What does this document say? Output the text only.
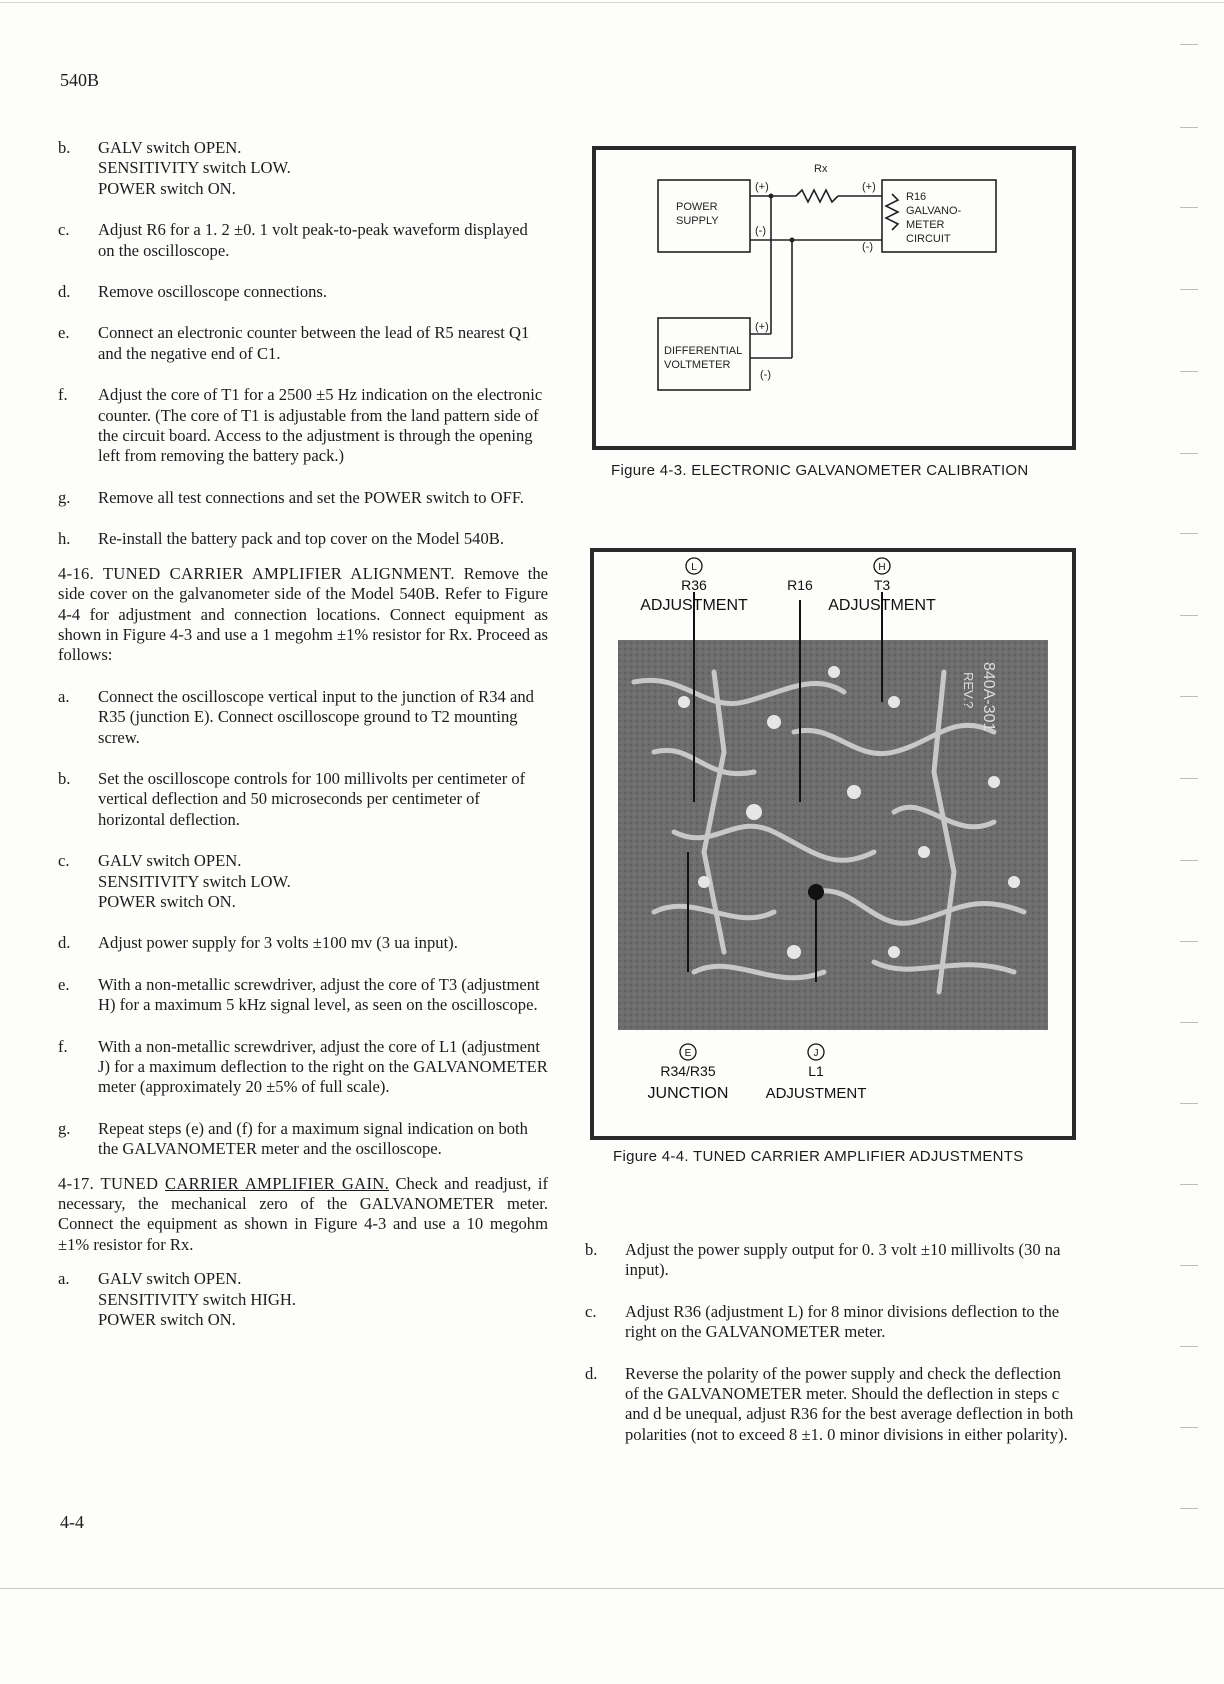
540B
b.	GALV switch OPEN.
SENSITIVITY switch LOW.
POWER switch ON.
c.	Adjust R6 for a 1. 2 ±0. 1 volt peak-to-peak waveform displayed on the oscilloscope.
d.	Remove oscilloscope connections.
e.	Connect an electronic counter between the lead of R5 nearest Q1 and the negative end of C1.
f.	Adjust the core of T1 for a 2500 ±5 Hz indication on the electronic counter. (The core of T1 is adjustable from the land pattern side of the circuit board. Access to the adjustment is through the opening left from removing the battery pack.)
g.	Remove all test connections and set the POWER switch to OFF.
h.	Re-install the battery pack and top cover on the Model 540B.
4-16. TUNED CARRIER AMPLIFIER ALIGNMENT. Remove the side cover on the galvanometer side of the Model 540B. Refer to Figure 4-4 for adjustment and connection locations. Connect equipment as shown in Figure 4-3 and use a 1 megohm ±1% resistor for Rx. Proceed as follows:
a.	Connect the oscilloscope vertical input to the junction of R34 and R35 (junction E). Connect oscilloscope ground to T2 mounting screw.
b.	Set the oscilloscope controls for 100 millivolts per centimeter of vertical deflection and 50 microseconds per centimeter of horizontal deflection.
c.	GALV switch OPEN.
SENSITIVITY switch LOW.
POWER switch ON.
d.	Adjust power supply for 3 volts ±100 mv (3 ua input).
e.	With a non-metallic screwdriver, adjust the core of T3 (adjustment H) for a maximum 5 kHz signal level, as seen on the oscilloscope.
f.	With a non-metallic screwdriver, adjust the core of L1 (adjustment J) for a maximum deflection to the right on the GALVANOMETER meter (approximately 20 ±5% of full scale).
g.	Repeat steps (e) and (f) for a maximum signal indication on both the GALVANOMETER meter and the oscilloscope.
4-17. TUNED CARRIER AMPLIFIER GAIN. Check and readjust, if necessary, the mechanical zero of the GALVANOMETER meter. Connect the equipment as shown in Figure 4-3 and use a 10 megohm ±1% resistor for Rx.
a.	GALV switch OPEN.
SENSITIVITY switch HIGH.
POWER switch ON.
4-4
POWER
SUPPLY
DIFFERENTIAL
VOLTMETER
R16
GALVANO-
METER
CIRCUIT
Rx
(+)
(-)
(+)
(-)
(+)
(-)
Figure 4-3. ELECTRONIC GALVANOMETER CALIBRATION
840A-301
REV.?
L
R36
ADJUSTMENT
R16
H
T3
ADJUSTMENT
E
R34/R35
JUNCTION
J
L1
ADJUSTMENT
Figure 4-4. TUNED CARRIER AMPLIFIER ADJUSTMENTS
b.	Adjust the power supply output for 0. 3 volt ±10 millivolts (30 na input).
c.	Adjust R36 (adjustment L) for 8 minor divisions deflection to the right on the GALVANOMETER meter.
d.	Reverse the polarity of the power supply and check the deflection of the GALVANOMETER meter. Should the deflection in steps c and d be unequal, adjust R36 for the best average deflection in both polarities (not to exceed 8 ±1. 0 minor divisions in either polarity).
